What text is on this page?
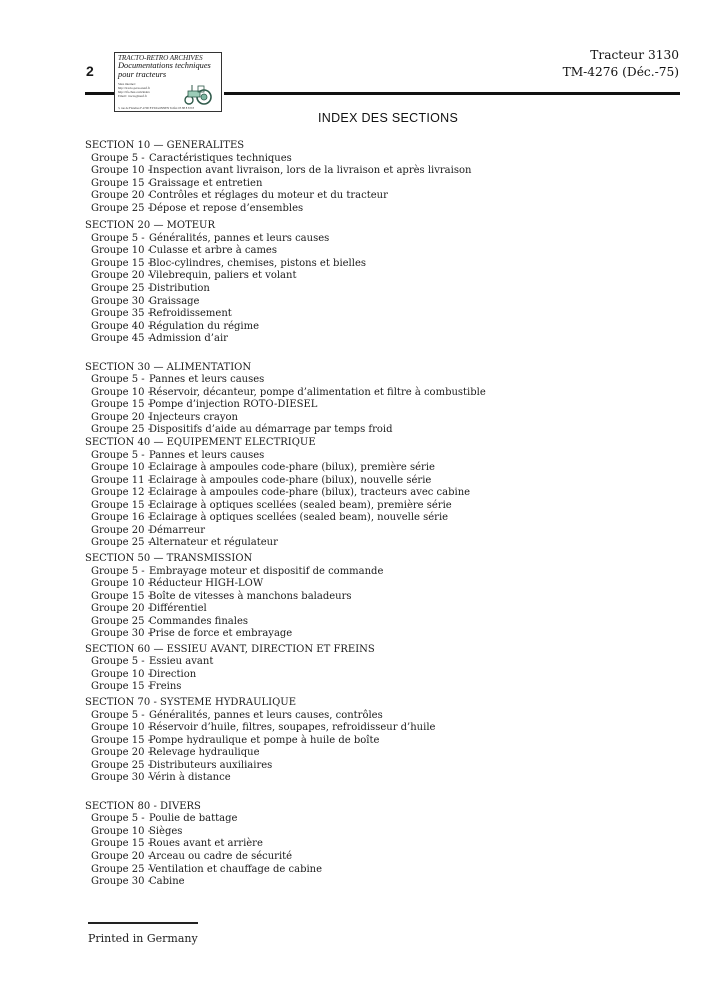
2
TRACTO-RETRO ARCHIVES
Documentations techniques
pour tracteurs
Sites internet:
http://tracto.perso.neuf.fr
http://tfs.chez.com/index
Email : tracto@neuf.fr
3, rue de Flandres F-4700 EYZIGONNEN Telfax 03 88 8 8 8 8
Tracteur 3130
TM-4276 (Déc.-75)
INDEX DES SECTIONS
SECTION 10 — GENERALITES
Groupe 5 - Caractéristiques techniques
Groupe 10 -Inspection avant livraison, lors de la livraison et après livraison
Groupe 15 -Graissage et entretien
Groupe 20 -Contrôles et réglages du moteur et du tracteur
Groupe 25 -Dépose et repose d’ensembles
SECTION 20 — MOTEUR
Groupe 5 - Généralités, pannes et leurs causes
Groupe 10 -Culasse et arbre à cames
Groupe 15 -Bloc-cylindres, chemises, pistons et bielles
Groupe 20 -Vilebrequin, paliers et volant
Groupe 25 -Distribution
Groupe 30 -Graissage
Groupe 35 -Refroidissement
Groupe 40 -Régulation du régime
Groupe 45 -Admission d’air
SECTION 30 — ALIMENTATION
Groupe 5 - Pannes et leurs causes
Groupe 10 -Réservoir, décanteur, pompe d’alimentation et filtre à combustible
Groupe 15 -Pompe d’injection ROTO-DIESEL
Groupe 20 -Injecteurs crayon
Groupe 25 -Dispositifs d’aide au démarrage par temps froid
SECTION 40 — EQUIPEMENT ELECTRIQUE
Groupe 5 - Pannes et leurs causes
Groupe 10 -Eclairage à ampoules code-phare (bilux), première série
Groupe 11 -Eclairage à ampoules code-phare (bilux), nouvelle série
Groupe 12 -Eclairage à ampoules code-phare (bilux), tracteurs avec cabine
Groupe 15 -Eclairage à optiques scellées (sealed beam), première série
Groupe 16 -Eclairage à optiques scellées (sealed beam), nouvelle série
Groupe 20 -Démarreur
Groupe 25 -Alternateur et régulateur
SECTION 50 — TRANSMISSION
Groupe 5 - Embrayage moteur et dispositif de commande
Groupe 10 -Réducteur HIGH-LOW
Groupe 15 -Boîte de vitesses à manchons baladeurs
Groupe 20 -Différentiel
Groupe 25 -Commandes finales
Groupe 30 -Prise de force et embrayage
SECTION 60 — ESSIEU AVANT, DIRECTION ET FREINS
Groupe 5 - Essieu avant
Groupe 10 -Direction
Groupe 15 -Freins
SECTION 70 - SYSTEME HYDRAULIQUE
Groupe 5 - Généralités, pannes et leurs causes, contrôles
Groupe 10 -Réservoir d’huile, filtres, soupapes, refroidisseur d’huile
Groupe 15 -Pompe hydraulique et pompe à huile de boîte
Groupe 20 -Relevage hydraulique
Groupe 25 -Distributeurs auxiliaires
Groupe 30 -Vérin à distance
SECTION 80 - DIVERS
Groupe 5 - Poulie de battage
Groupe 10 -Sièges
Groupe 15 -Roues avant et arrière
Groupe 20 -Arceau ou cadre de sécurité
Groupe 25 -Ventilation et chauffage de cabine
Groupe 30 -Cabine
Printed in Germany
